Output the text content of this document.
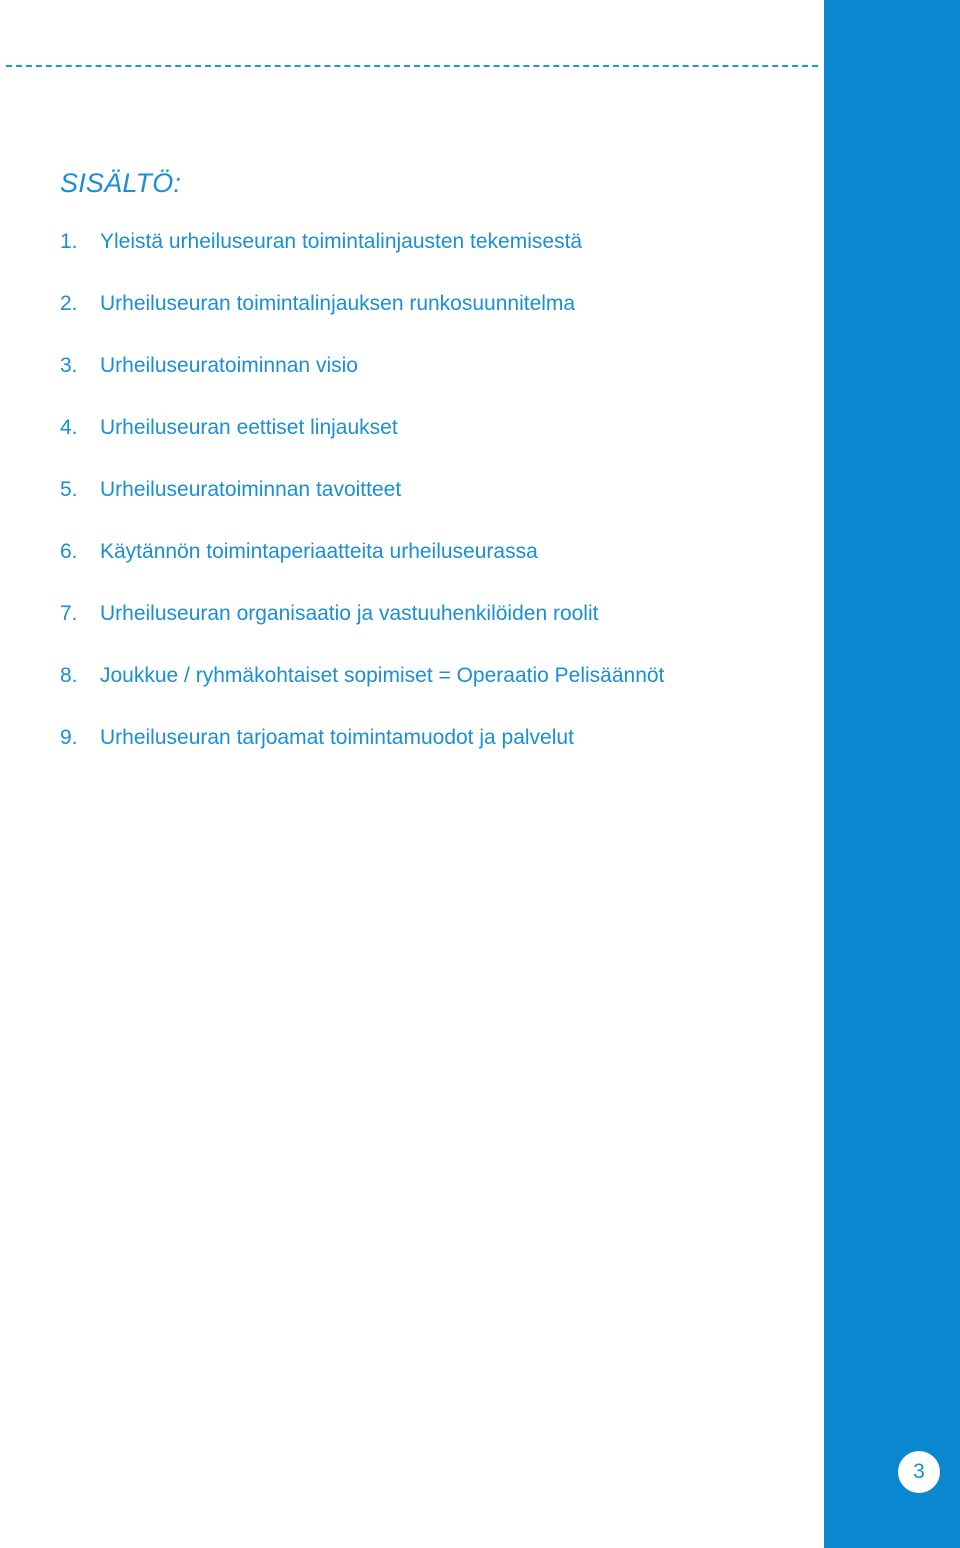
SISÄLTÖ:
1.	Yleistä urheiluseuran toimintalinjausten tekemisestä
2.	Urheiluseuran toimintalinjauksen runkosuunnitelma
3.	Urheiluseuratoiminnan visio
4.	Urheiluseuran eettiset linjaukset
5.	Urheiluseuratoiminnan tavoitteet
6.	Käytännön toimintaperiaatteita urheiluseurassa
7.	Urheiluseuran organisaatio ja vastuuhenkilöiden roolit
8.	Joukkue / ryhmäkohtaiset sopimiset = Operaatio Pelisäännöt
9.	Urheiluseuran tarjoamat toimintamuodot ja palvelut
3
